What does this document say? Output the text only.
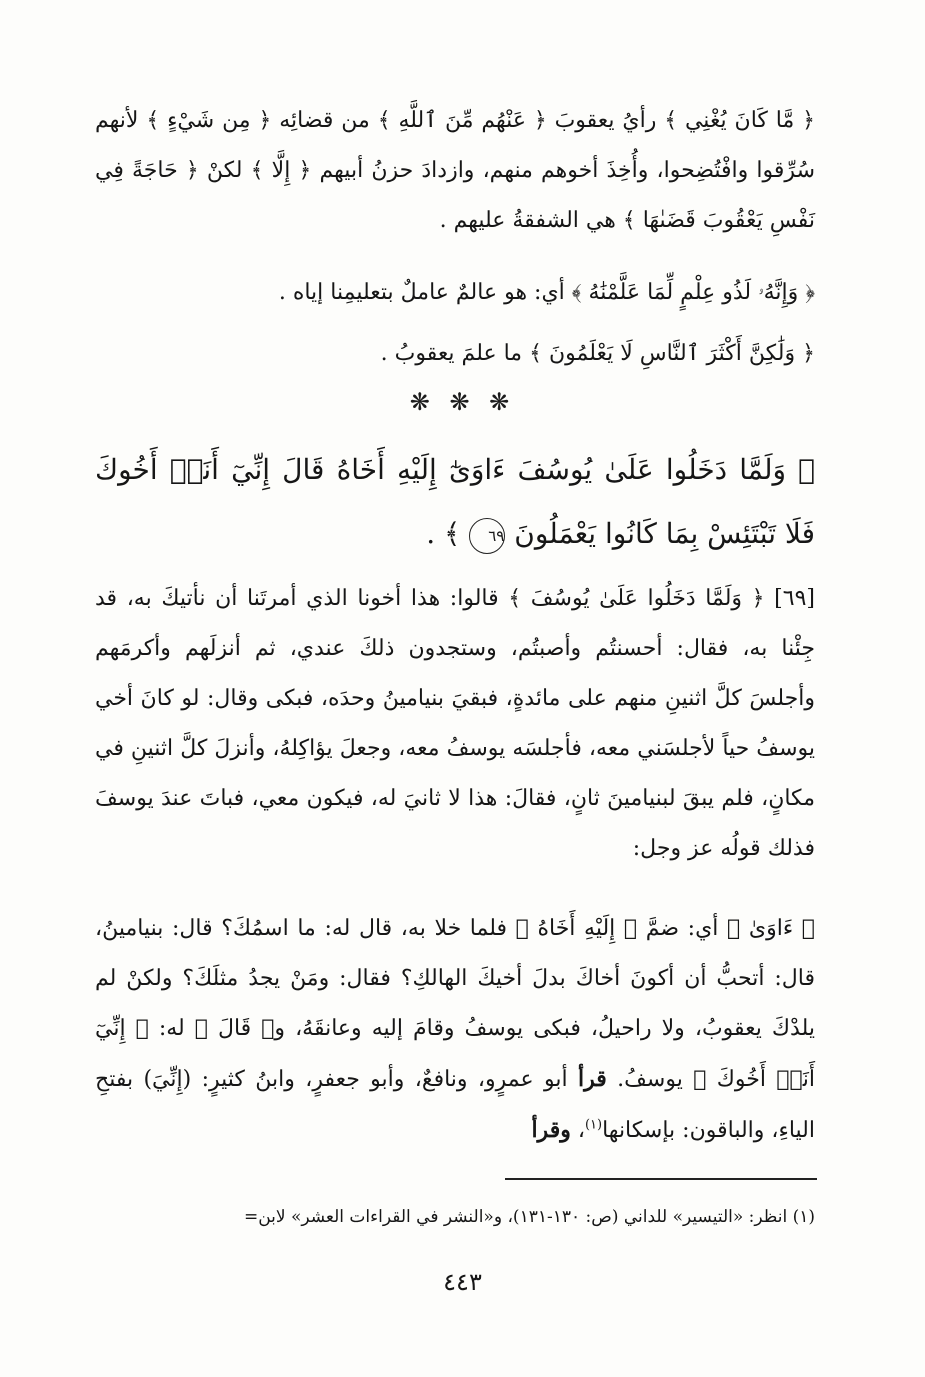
﴿ مَّا كَانَ يُغْنِي ﴾ رأيُ يعقوبَ ﴿ عَنْهُم مِّنَ ٱللَّهِ ﴾ من قضائِه ﴿ مِن شَيْءٍ ﴾ لأنهم سُرِّقوا وافْتُضِحوا، وأُخِذَ أخوهم منهم، وازدادَ حزنُ أبيهم ﴿ إِلَّا ﴾ لكنْ ﴿ حَاجَةً فِي نَفْسِ يَعْقُوبَ قَضَىٰهَا ﴾ هي الشفقةُ عليهم .

﴿ وَإِنَّهُۥ لَذُو عِلْمٍ لِّمَا عَلَّمْنَٰهُ ﴾ أي: هو عالمٌ عاملٌ بتعليمِنا إياه .

﴿ وَلَٰكِنَّ أَكْثَرَ ٱلنَّاسِ لَا يَعْلَمُونَ ﴾ ما علمَ يعقوبُ .

❋ ❋ ❋

﴿ وَلَمَّا دَخَلُوا عَلَىٰ يُوسُفَ ءَاوَىٰٓ إِلَيْهِ أَخَاهُ قَالَ إِنِّيٓ أَنَا۠ أَخُوكَ فَلَا تَبْتَئِسْ بِمَا كَانُوا يَعْمَلُونَ ٦٩ ﴾ .

[٦٩] ﴿ وَلَمَّا دَخَلُوا عَلَىٰ يُوسُفَ ﴾ قالوا: هذا أخونا الذي أمرتَنا أن نأتيكَ به، قد جِئْنا به، فقال: أحسنتُم وأصبتُم، وستجدون ذلكَ عندي، ثم أنزلَهم وأكرمَهم وأجلسَ كلَّ اثنينِ منهم على مائدةٍ، فبقيَ بنيامينُ وحدَه، فبكى وقال: لو كانَ أخي يوسفُ حياً لأجلسَني معه، فأجلسَه يوسفُ معه، وجعلَ يؤاكِلهُ، وأنزلَ كلَّ اثنينِ في مكانٍ، فلم يبقَ لبنيامينَ ثانٍ، فقالَ: هذا لا ثانيَ له، فيكون معي، فباتَ عندَ يوسفَ فذلك قولُه عز وجل:

﴿ ءَاوَىٰ ﴾ أي: ضمَّ ﴿ إِلَيْهِ أَخَاهُ ﴾ فلما خلا به، قال له: ما اسمُكَ؟ قال: بنيامينُ، قال: أتحبُّ أن أكونَ أخاكَ بدلَ أخيكَ الهالكِ؟ فقال: ومَنْ يجدُ مثلَكَ؟ ولكنْ لم يلدْكَ يعقوبُ، ولا راحيلُ، فبكى يوسفُ وقامَ إليه وعانقَهُ، و﴿ قَالَ ﴾ له: ﴿ إِنِّيٓ أَنَا۠ أَخُوكَ ﴾ يوسفُ. قرأ أبو عمرٍو، ونافعٌ، وأبو جعفرٍ، وابنُ كثيرٍ: (إِنِّيَ) بفتحِ الياءِ، والباقون: بإسكانها$^{(١)}$، وقرأ

(١) انظر: «التيسير» للداني (ص: ١٣٠-١٣١)، و«النشر في القراءات العشر» لابن=

٤٤٣
